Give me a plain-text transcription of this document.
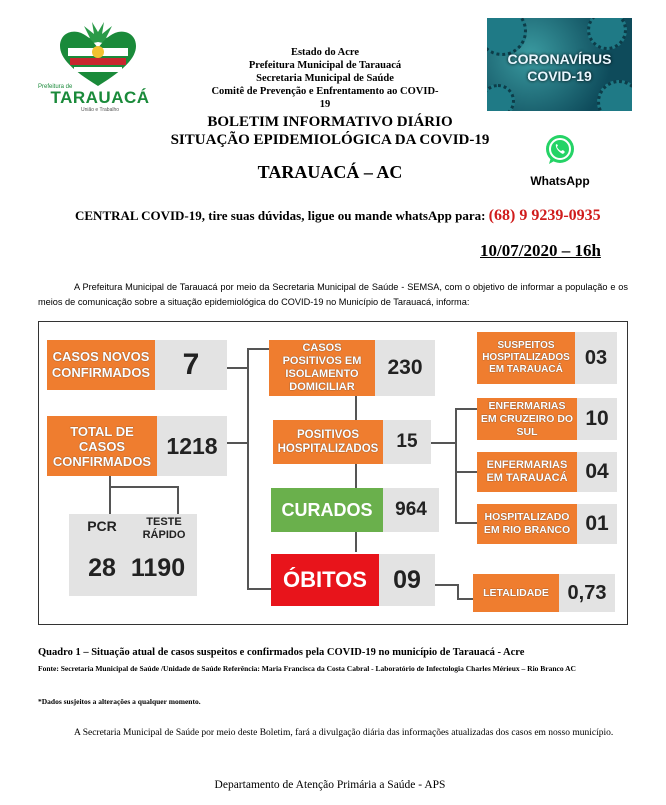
Prefeitura de
TARAUACÁ
União e Trabalho
Estado do Acre
Prefeitura Municipal de Tarauacá
Secretaria Municipal de Saúde
Comitê de Prevenção e Enfrentamento ao COVID-19
CORONAVÍRUS
COVID-19
BOLETIM INFORMATIVO DIÁRIO
SITUAÇÃO EPIDEMIOLÓGICA DA COVID-19
TARAUACÁ – AC	WhatsApp
CENTRAL COVID-19, tire suas dúvidas, ligue ou mande whatsApp para: (68) 9 9239-0935
10/07/2020 – 16h
A Prefeitura Municipal de Tarauacá por meio da Secretaria Municipal de Saúde - SEMSA, com o objetivo de informar a população e os meios de comunicação sobre a situação epidemiológica do COVID-19 no Município de Tarauacá, informa:
CASOS NOVOS CONFIRMADOS	7
TOTAL DE CASOS CONFIRMADOS
1218
PCR
28
TESTE RÁPIDO
1190
CASOS POSITIVOS EM ISOLAMENTO DOMICILIAR
230
POSITIVOS HOSPITALIZADOS 15
CURADOS	964
ÓBITOS	09
SUSPEITOS HOSPITALIZADOS EM TARAUACÁ
03
ENFERMARIAS EM CRUZEIRO DO SUL
10
ENFERMARIAS EM TARAUACÁ 04
HOSPITALIZADO EM RIO BRANCO 01
LETALIDADE 0,73
Quadro 1 – Situação atual de casos suspeitos e confirmados pela COVID-19 no município de Tarauacá - Acre
Fonte: Secretaria Municipal de Saúde /Unidade de Saúde Referência: Maria Francisca da Costa Cabral - Laboratório de Infectologia Charles Mérieux – Rio Branco AC
*Dados susjeitos a alterações a qualquer momento.
A Secretaria Municipal de Saúde por meio deste Boletim, fará a divulgação diária das informações atualizadas dos casos em nosso município.
Departamento de Atenção Primária a Saúde - APS
